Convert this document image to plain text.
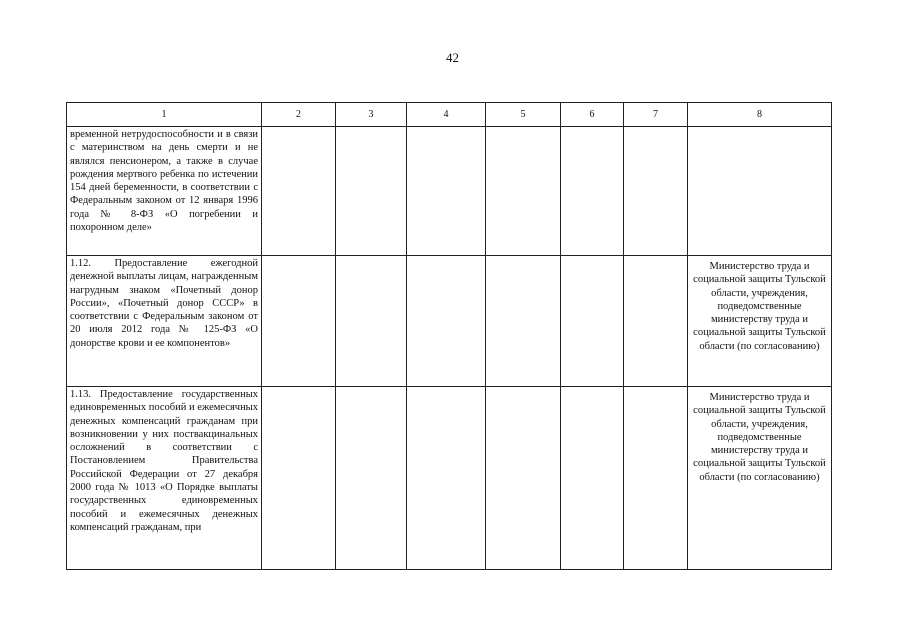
42
1	2	3	4	5	6	7	8
временной нетрудоспособности и в связи с материнством на день смерти и не являлся пенсионером, а также в случае рождения мертвого ребенка по истечении 154 дней беременности, в соответствии с Федеральным законом от 12 января 1996 года № 8-ФЗ «О погребении и похоронном деле»							
1.12. Предоставление ежегодной денежной выплаты лицам, награжденным нагрудным знаком «Почетный донор России», «Почетный донор СССР» в соответствии с Федеральным законом от 20 июля 2012 года № 125-ФЗ «О донорстве крови и ее компонентов»							Министерство труда и социальной защиты Тульской области, учреждения, подведомственные министерству труда и социальной защиты Тульской области (по согласованию)
1.13. Предоставление государственных единовременных пособий и ежемесячных денежных компенсаций гражданам при возникновении у них поствакцинальных осложнений в соответствии с Постановлением Правительства Российской Федерации от 27 декабря 2000 года № 1013 «О Порядке выплаты государственных единовременных пособий и ежемесячных денежных компенсаций гражданам, при							Министерство труда и социальной защиты Тульской области, учреждения, подведомственные министерству труда и социальной защиты Тульской области (по согласованию)
